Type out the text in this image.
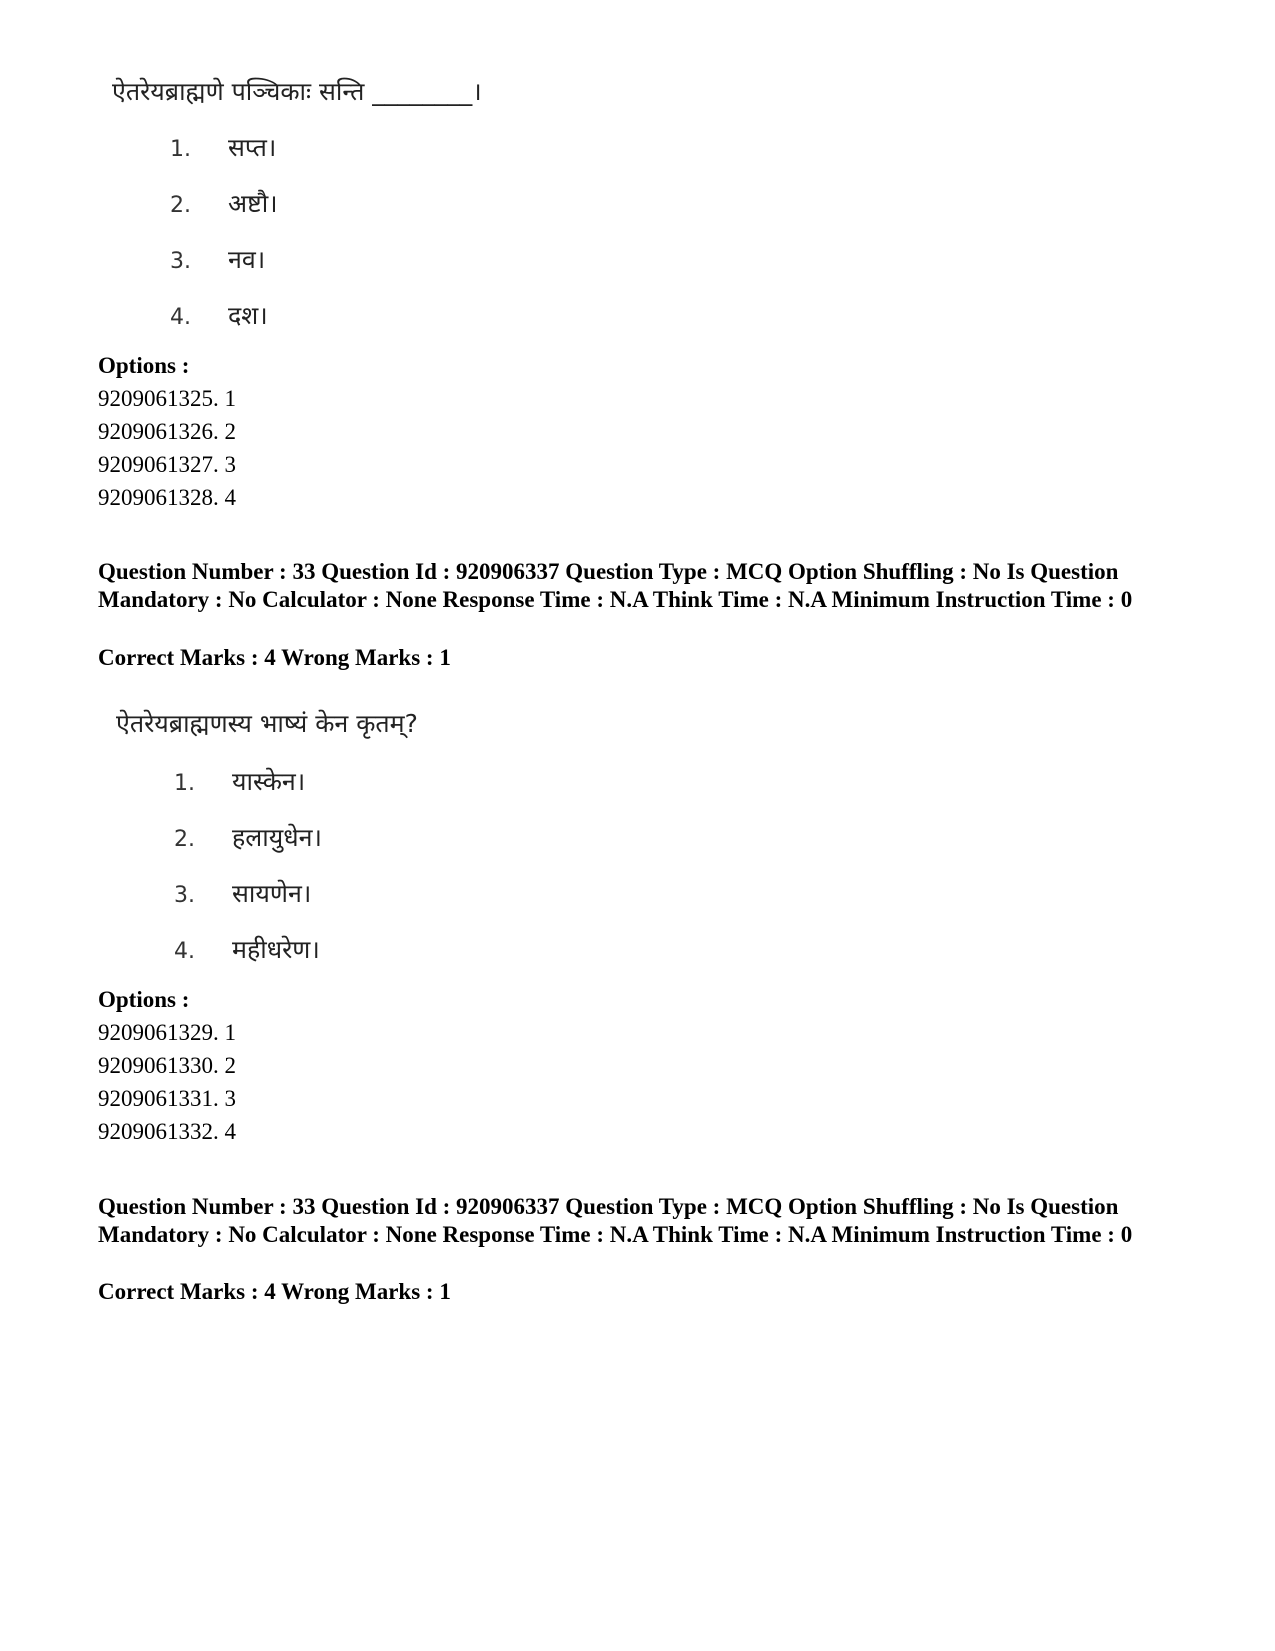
ऐतरेयब्राह्मणे पञ्चिकाः सन्ति ________।
1. सप्त।
2. अष्टौ।
3. नव।
4. दश।
Options :
9209061325. 1
9209061326. 2
9209061327. 3
9209061328. 4
Question Number : 33 Question Id : 920906337 Question Type : MCQ Option Shuffling : No Is Question Mandatory : No Calculator : None Response Time : N.A Think Time : N.A Minimum Instruction Time : 0
Correct Marks : 4 Wrong Marks : 1
ऐतरेयब्राह्मणस्य भाष्यं केन कृतम्?
1. यास्केन।
2. हलायुधेन।
3. सायणेन।
4. महीधरेण।
Options :
9209061329. 1
9209061330. 2
9209061331. 3
9209061332. 4
Question Number : 33 Question Id : 920906337 Question Type : MCQ Option Shuffling : No Is Question Mandatory : No Calculator : None Response Time : N.A Think Time : N.A Minimum Instruction Time : 0
Correct Marks : 4 Wrong Marks : 1
